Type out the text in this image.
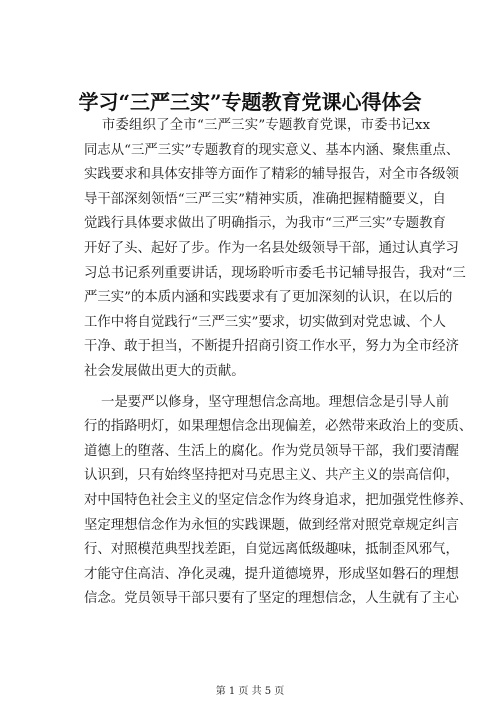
学习“三严三实”专题教育党课心得体会
市委组织了全市“三严三实”专题教育党课，市委书记xx
同志从“三严三实”专题教育的现实意义、基本内涵、聚焦重点、
实践要求和具体安排等方面作了精彩的辅导报告，对全市各级领
导干部深刻领悟“三严三实”精神实质，准确把握精髓要义，自
觉践行具体要求做出了明确指示，为我市“三严三实”专题教育
开好了头、起好了步。作为一名县处级领导干部，通过认真学习
习总书记系列重要讲话，现场聆听市委毛书记辅导报告，我对“三
严三实”的本质内涵和实践要求有了更加深刻的认识，在以后的
工作中将自觉践行“三严三实”要求，切实做到对党忠诚、个人
干净、敢于担当，不断提升招商引资工作水平，努力为全市经济
社会发展做出更大的贡献。
一是要严以修身，坚守理想信念高地。理想信念是引导人前
行的指路明灯，如果理想信念出现偏差，必然带来政治上的变质、
道德上的堕落、生活上的腐化。作为党员领导干部，我们要清醒
认识到，只有始终坚持把对马克思主义、共产主义的崇高信仰，
对中国特色社会主义的坚定信念作为终身追求，把加强党性修养、
坚定理想信念作为永恒的实践课题，做到经常对照党章规定纠言
行、对照模范典型找差距，自觉远离低级趣味，抵制歪风邪气，
才能守住高洁、净化灵魂，提升道德境界，形成坚如磐石的理想
信念。党员领导干部只要有了坚定的理想信念，人生就有了主心
第 1 页 共 5 页
